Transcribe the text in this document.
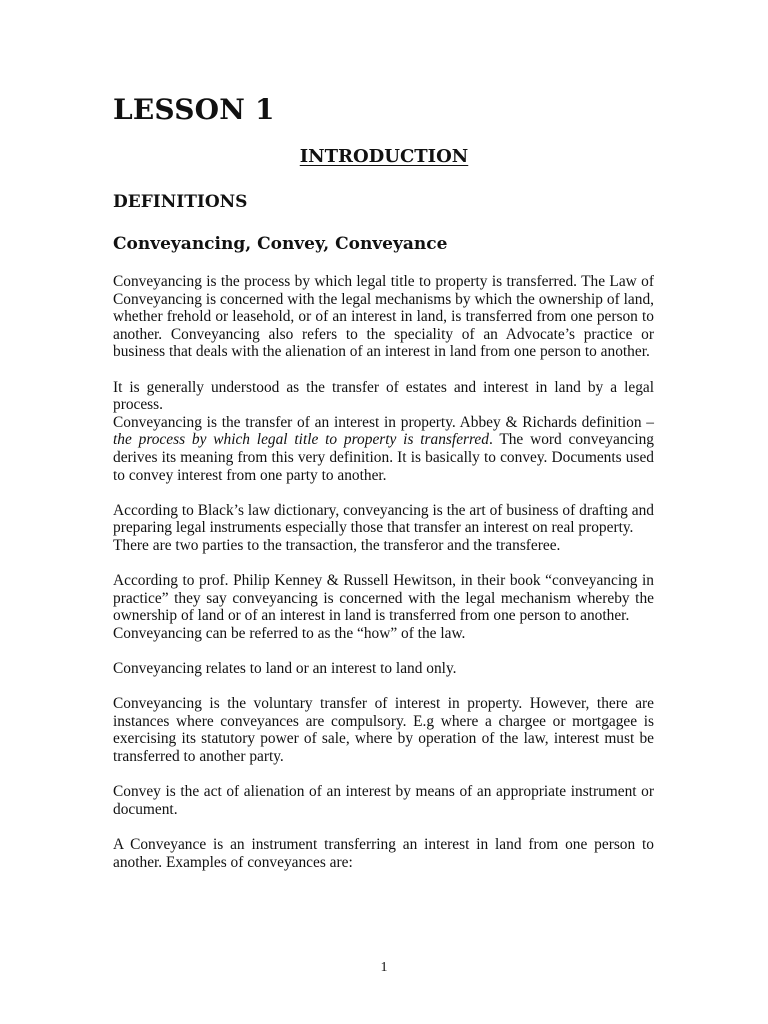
LESSON 1
INTRODUCTION
DEFINITIONS
Conveyancing, Convey, Conveyance

Conveyancing is the process by which legal title to property is transferred. The Law of Conveyancing is concerned with the legal mechanisms by which the ownership of land, whether frehold or leasehold, or of an interest in land, is transferred from one person to another. Conveyancing also refers to the speciality of an Advocate’s practice or business that deals with the alienation of an interest in land from one person to another.

It is generally understood as the transfer of estates and interest in land by a legal process.

Conveyancing is the transfer of an interest in property. Abbey & Richards definition – the process by which legal title to property is transferred. The word conveyancing derives its meaning from this very definition. It is basically to convey. Documents used to convey interest from one party to another.

According to Black’s law dictionary, conveyancing is the art of business of drafting and preparing legal instruments especially those that transfer an interest on real property.

There are two parties to the transaction, the transferor and the transferee.

According to prof. Philip Kenney & Russell Hewitson, in their book “conveyancing in practice” they say conveyancing is concerned with the legal mechanism whereby the ownership of land or of an interest in land is transferred from one person to another.

Conveyancing can be referred to as the “how” of the law.

Conveyancing relates to land or an interest to land only.

Conveyancing is the voluntary transfer of interest in property. However, there are instances where conveyances are compulsory. E.g where a chargee or mortgagee is exercising its statutory power of sale, where by operation of the law, interest must be transferred to another party.

Convey is the act of alienation of an interest by means of an appropriate instrument or document.

A Conveyance is an instrument transferring an interest in land from one person to another. Examples of conveyances are:

1
